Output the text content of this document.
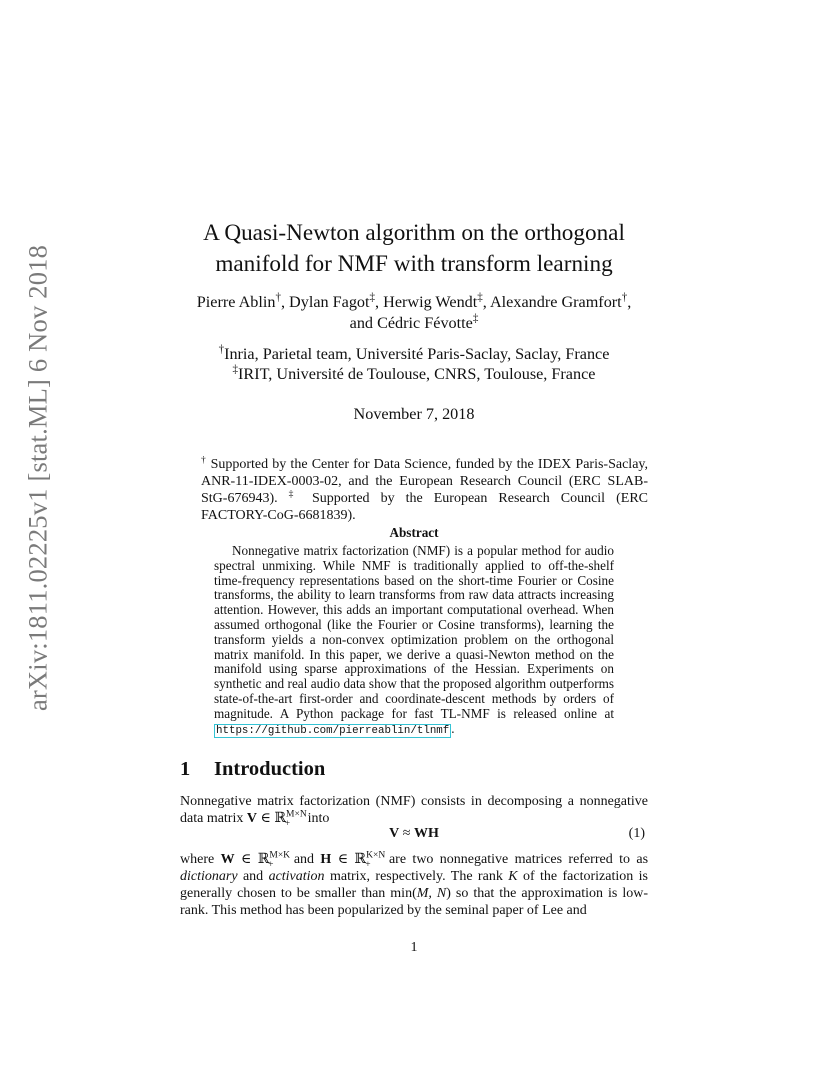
arXiv:1811.02225v1 [stat.ML] 6 Nov 2018
A Quasi-Newton algorithm on the orthogonal
manifold for NMF with transform learning
Pierre Ablin†, Dylan Fagot‡, Herwig Wendt‡, Alexandre Gramfort†, and Cédric Févotte‡
†Inria, Parietal team, Université Paris-Saclay, Saclay, France
‡IRIT, Université de Toulouse, CNRS, Toulouse, France
November 7, 2018
† Supported by the Center for Data Science, funded by the IDEX Paris-Saclay, ANR-11-IDEX-0003-02, and the European Research Council (ERC SLAB-StG-676943). ‡ Supported by the European Research Council (ERC FACTORY-CoG-6681839).
Abstract
Nonnegative matrix factorization (NMF) is a popular method for audio spectral unmixing. While NMF is traditionally applied to off-the-shelf time-frequency representations based on the short-time Fourier or Cosine transforms, the ability to learn transforms from raw data attracts increasing attention. However, this adds an important computational overhead. When assumed orthogonal (like the Fourier or Cosine transforms), learning the transform yields a non-convex optimization problem on the orthogonal matrix manifold. In this paper, we derive a quasi-Newton method on the manifold using sparse approximations of the Hessian. Experiments on synthetic and real audio data show that the proposed algorithm outperforms state-of-the-art first-order and coordinate-descent methods by orders of magnitude. A Python package for fast TL-NMF is released online at https://github.com/pierreablin/tlnmf .
1 Introduction
Nonnegative matrix factorization (NMF) consists in decomposing a nonnegative data matrix V ∈ ℝ$^{M\times N}_+$ into
V ≈ WH	(1)
where W ∈ ℝ$^{M\times K}_+$ and H ∈ ℝ$^{K\times N}_+$ are two nonnegative matrices referred to as dictionary and activation matrix, respectively. The rank K of the factorization is generally chosen to be smaller than min(M, N) so that the approximation is low-rank. This method has been popularized by the seminal paper of Lee and
1
